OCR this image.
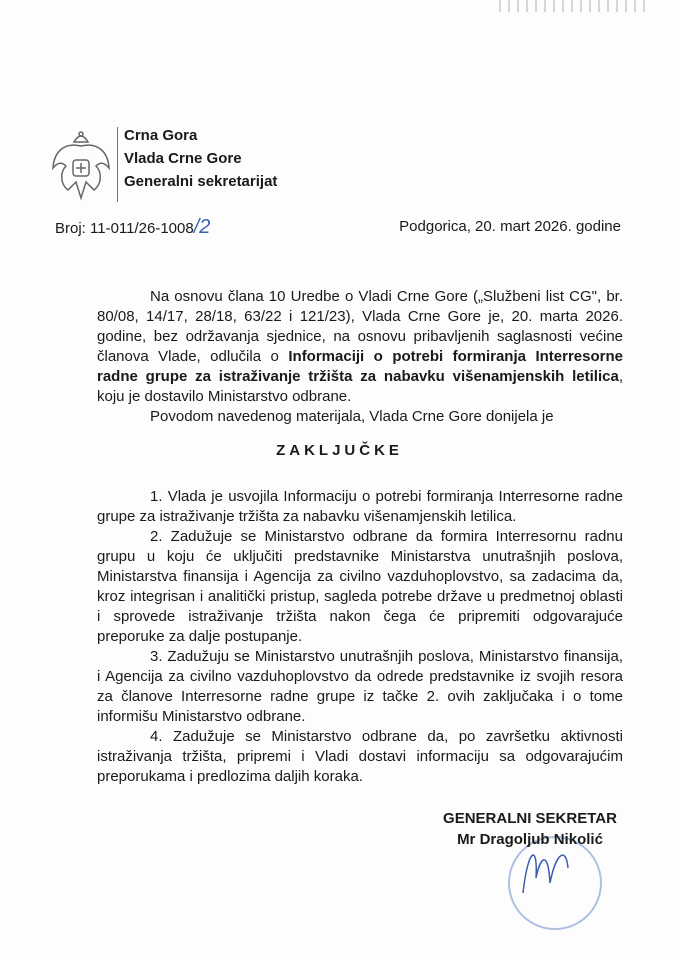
Crna Gora
Vlada Crne Gore
Generalni sekretarijat
Broj: 11-011/26-1008/2	Podgorica, 20. mart 2026. godine

Na osnovu člana 10 Uredbe o Vladi Crne Gore („Službeni list CG", br. 80/08, 14/17, 28/18, 63/22 i 121/23), Vlada Crne Gore je, 20. marta 2026. godine, bez održavanja sjednice, na osnovu pribavljenih saglasnosti većine članova Vlade, odlučila o Informaciji o potrebi formiranja Interresorne radne grupe za istraživanje tržišta za nabavku višenamjenskih letilica, koju je dostavilo Ministarstvo odbrane.

Povodom navedenog materijala, Vlada Crne Gore donijela je

ZAKLJUČKE

1. Vlada je usvojila Informaciju o potrebi formiranja Interresorne radne grupe za istraživanje tržišta za nabavku višenamjenskih letilica.

2. Zadužuje se Ministarstvo odbrane da formira Interresornu radnu grupu u koju će uključiti predstavnike Ministarstva unutrašnjih poslova, Ministarstva finansija i Agencija za civilno vazduhoplovstvo, sa zadacima da, kroz integrisan i analitički pristup, sagleda potrebe države u predmetnoj oblasti i sprovede istraživanje tržišta nakon čega će pripremiti odgovarajuće preporuke za dalje postupanje.

3. Zadužuju se Ministarstvo unutrašnjih poslova, Ministarstvo finansija, i Agencija za civilno vazduhoplovstvo da odrede predstavnike iz svojih resora za članove Interresorne radne grupe iz tačke 2. ovih zaključaka i o tome informišu Ministarstvo odbrane.

4. Zadužuje se Ministarstvo odbrane da, po završetku aktivnosti istraživanja tržišta, pripremi i Vladi dostavi informaciju sa odgovarajućim preporukama i predlozima daljih koraka.

GENERALNI SEKRETAR
Mr Dragoljub Nikolić
